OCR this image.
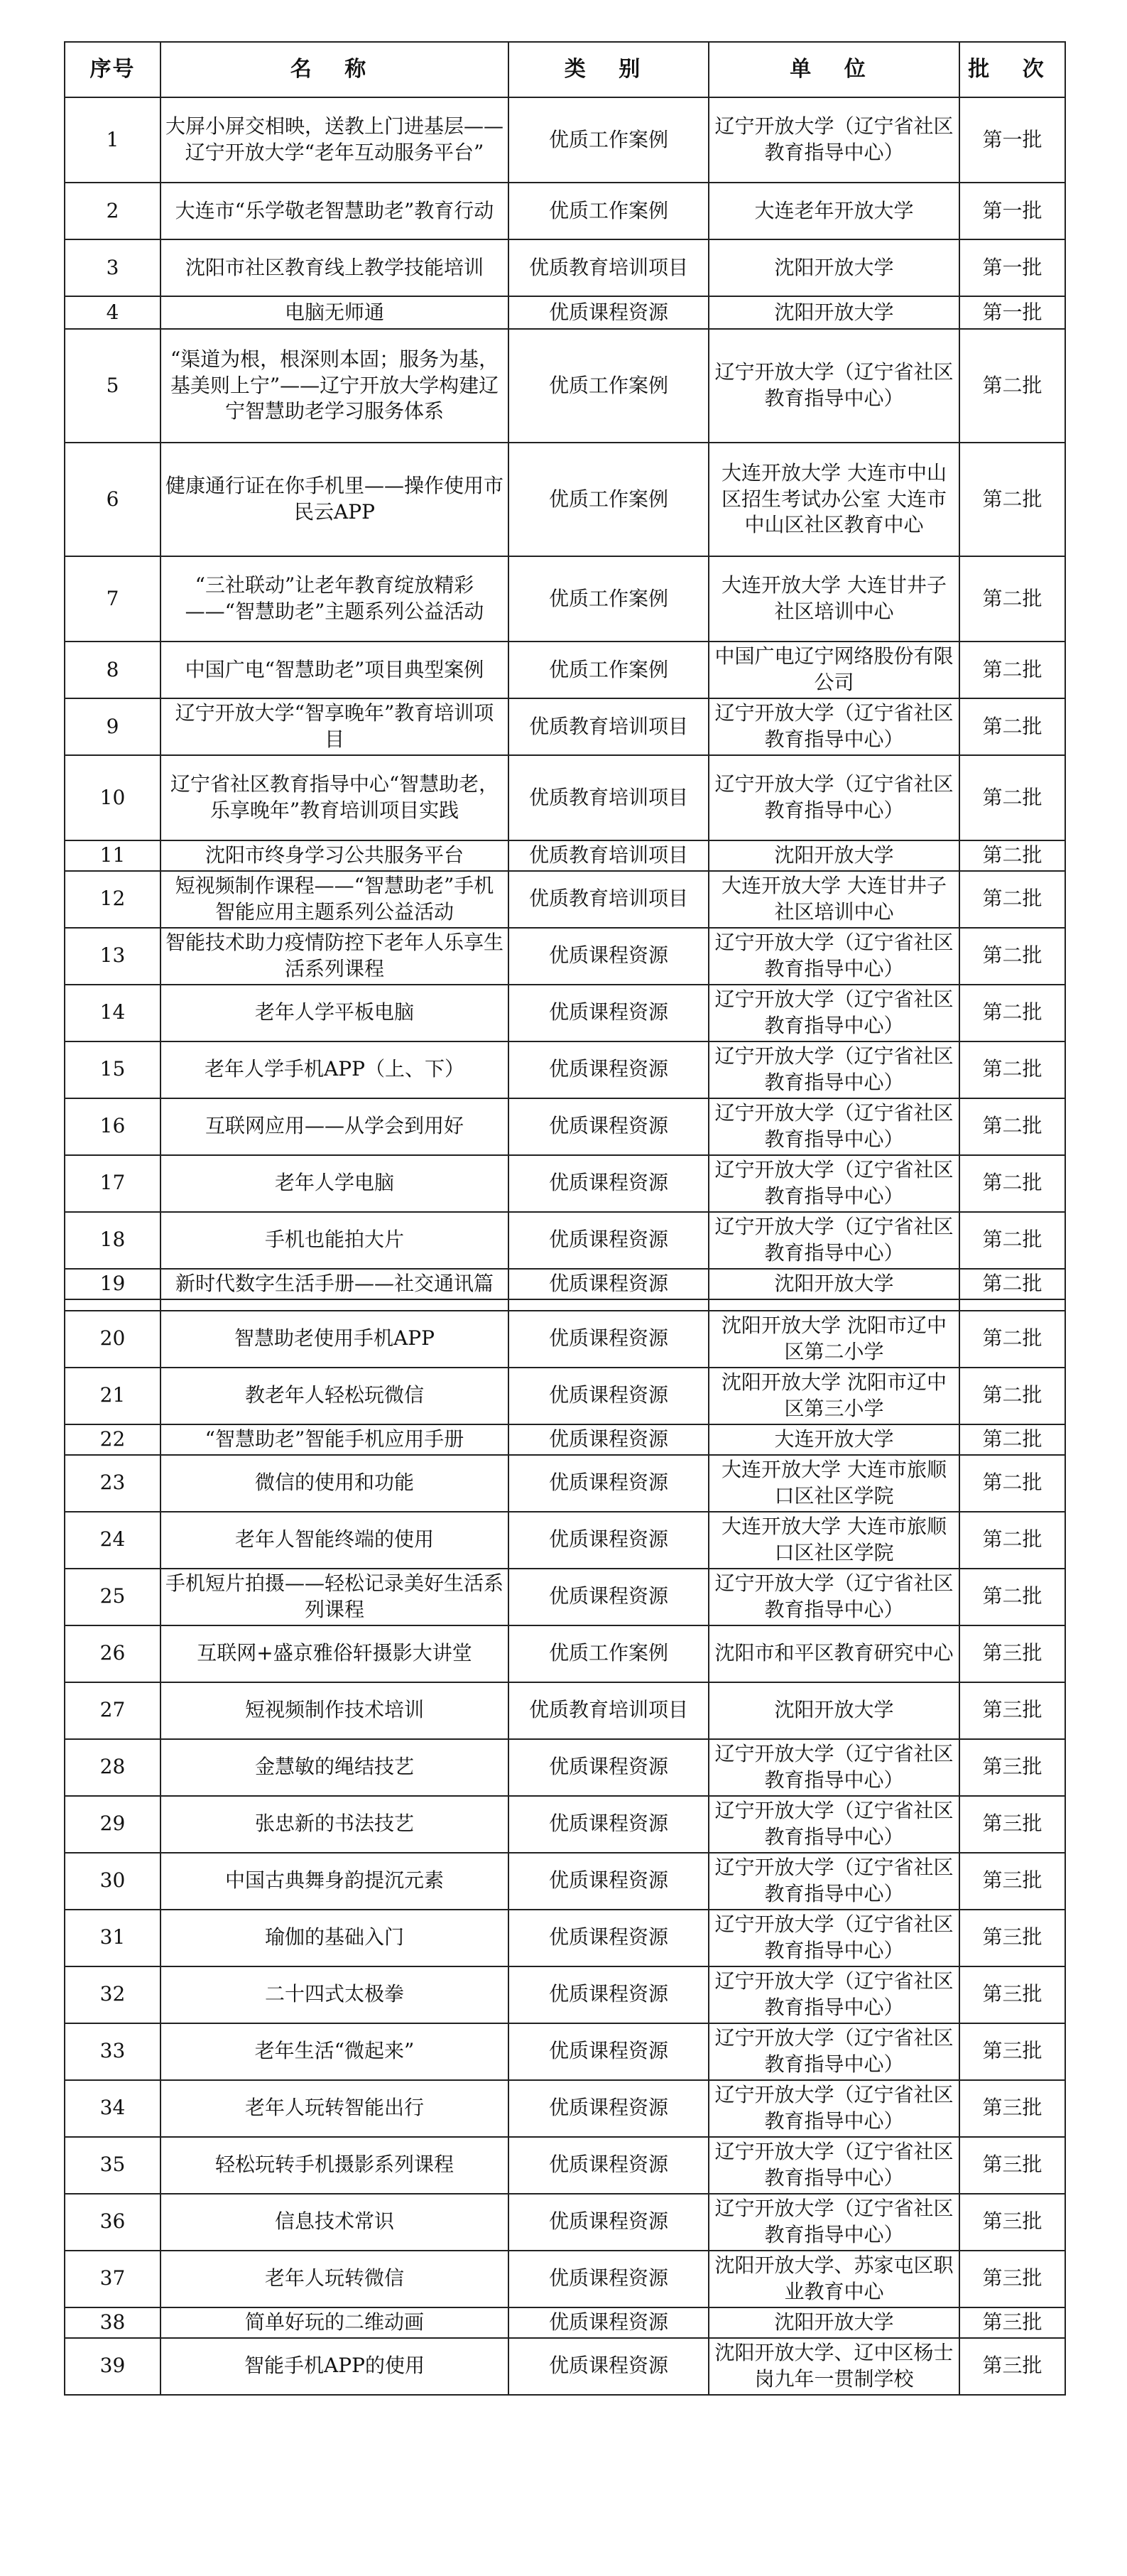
序号	名 称	类 别	单 位	批 次
1	大屏小屏交相映，送教上门进基层——辽宁开放大学“老年互动服务平台”	优质工作案例	辽宁开放大学（辽宁省社区教育指导中心）	第一批
2	大连市“乐学敬老智慧助老”教育行动	优质工作案例	大连老年开放大学	第一批
3	沈阳市社区教育线上教学技能培训	优质教育培训项目	沈阳开放大学	第一批
4	电脑无师通	优质课程资源	沈阳开放大学	第一批
5	“渠道为根，根深则本固；服务为基，基美则上宁”——辽宁开放大学构建辽宁智慧助老学习服务体系	优质工作案例	辽宁开放大学（辽宁省社区教育指导中心）	第二批
6	健康通行证在你手机里——操作使用市民云APP	优质工作案例	大连开放大学 大连市中山区招生考试办公室 大连市中山区社区教育中心	第二批
7	“三社联动”让老年教育绽放精彩——“智慧助老”主题系列公益活动	优质工作案例	大连开放大学 大连甘井子社区培训中心	第二批
8	中国广电“智慧助老”项目典型案例	优质工作案例	中国广电辽宁网络股份有限公司	第二批
9	辽宁开放大学“智享晚年”教育培训项目	优质教育培训项目	辽宁开放大学（辽宁省社区教育指导中心）	第二批
10	辽宁省社区教育指导中心“智慧助老，乐享晚年”教育培训项目实践	优质教育培训项目	辽宁开放大学（辽宁省社区教育指导中心）	第二批
11	沈阳市终身学习公共服务平台	优质教育培训项目	沈阳开放大学	第二批
12	短视频制作课程——“智慧助老”手机智能应用主题系列公益活动	优质教育培训项目	大连开放大学 大连甘井子社区培训中心	第二批
13	智能技术助力疫情防控下老年人乐享生活系列课程	优质课程资源	辽宁开放大学（辽宁省社区教育指导中心）	第二批
14	老年人学平板电脑	优质课程资源	辽宁开放大学（辽宁省社区教育指导中心）	第二批
15	老年人学手机APP（上、下）	优质课程资源	辽宁开放大学（辽宁省社区教育指导中心）	第二批
16	互联网应用——从学会到用好	优质课程资源	辽宁开放大学（辽宁省社区教育指导中心）	第二批
17	老年人学电脑	优质课程资源	辽宁开放大学（辽宁省社区教育指导中心）	第二批
18	手机也能拍大片	优质课程资源	辽宁开放大学（辽宁省社区教育指导中心）	第二批
19	新时代数字生活手册——社交通讯篇	优质课程资源	沈阳开放大学	第二批

20	智慧助老使用手机APP	优质课程资源	沈阳开放大学 沈阳市辽中区第二小学	第二批
21	教老年人轻松玩微信	优质课程资源	沈阳开放大学 沈阳市辽中区第三小学	第二批
22	“智慧助老”智能手机应用手册	优质课程资源	大连开放大学	第二批
23	微信的使用和功能	优质课程资源	大连开放大学 大连市旅顺口区社区学院	第二批
24	老年人智能终端的使用	优质课程资源	大连开放大学 大连市旅顺口区社区学院	第二批
25	手机短片拍摄——轻松记录美好生活系列课程	优质课程资源	辽宁开放大学（辽宁省社区教育指导中心）	第二批
26	互联网+盛京雅俗轩摄影大讲堂	优质工作案例	沈阳市和平区教育研究中心	第三批
27	短视频制作技术培训	优质教育培训项目	沈阳开放大学	第三批
28	金慧敏的绳结技艺	优质课程资源	辽宁开放大学（辽宁省社区教育指导中心）	第三批
29	张忠新的书法技艺	优质课程资源	辽宁开放大学（辽宁省社区教育指导中心）	第三批
30	中国古典舞身韵提沉元素	优质课程资源	辽宁开放大学（辽宁省社区教育指导中心）	第三批
31	瑜伽的基础入门	优质课程资源	辽宁开放大学（辽宁省社区教育指导中心）	第三批
32	二十四式太极拳	优质课程资源	辽宁开放大学（辽宁省社区教育指导中心）	第三批
33	老年生活“微起来”	优质课程资源	辽宁开放大学（辽宁省社区教育指导中心）	第三批
34	老年人玩转智能出行	优质课程资源	辽宁开放大学（辽宁省社区教育指导中心）	第三批
35	轻松玩转手机摄影系列课程	优质课程资源	辽宁开放大学（辽宁省社区教育指导中心）	第三批
36	信息技术常识	优质课程资源	辽宁开放大学（辽宁省社区教育指导中心）	第三批
37	老年人玩转微信	优质课程资源	沈阳开放大学、苏家屯区职业教育中心	第三批
38	简单好玩的二维动画	优质课程资源	沈阳开放大学	第三批
39	智能手机APP的使用	优质课程资源	沈阳开放大学、辽中区杨士岗九年一贯制学校	第三批
